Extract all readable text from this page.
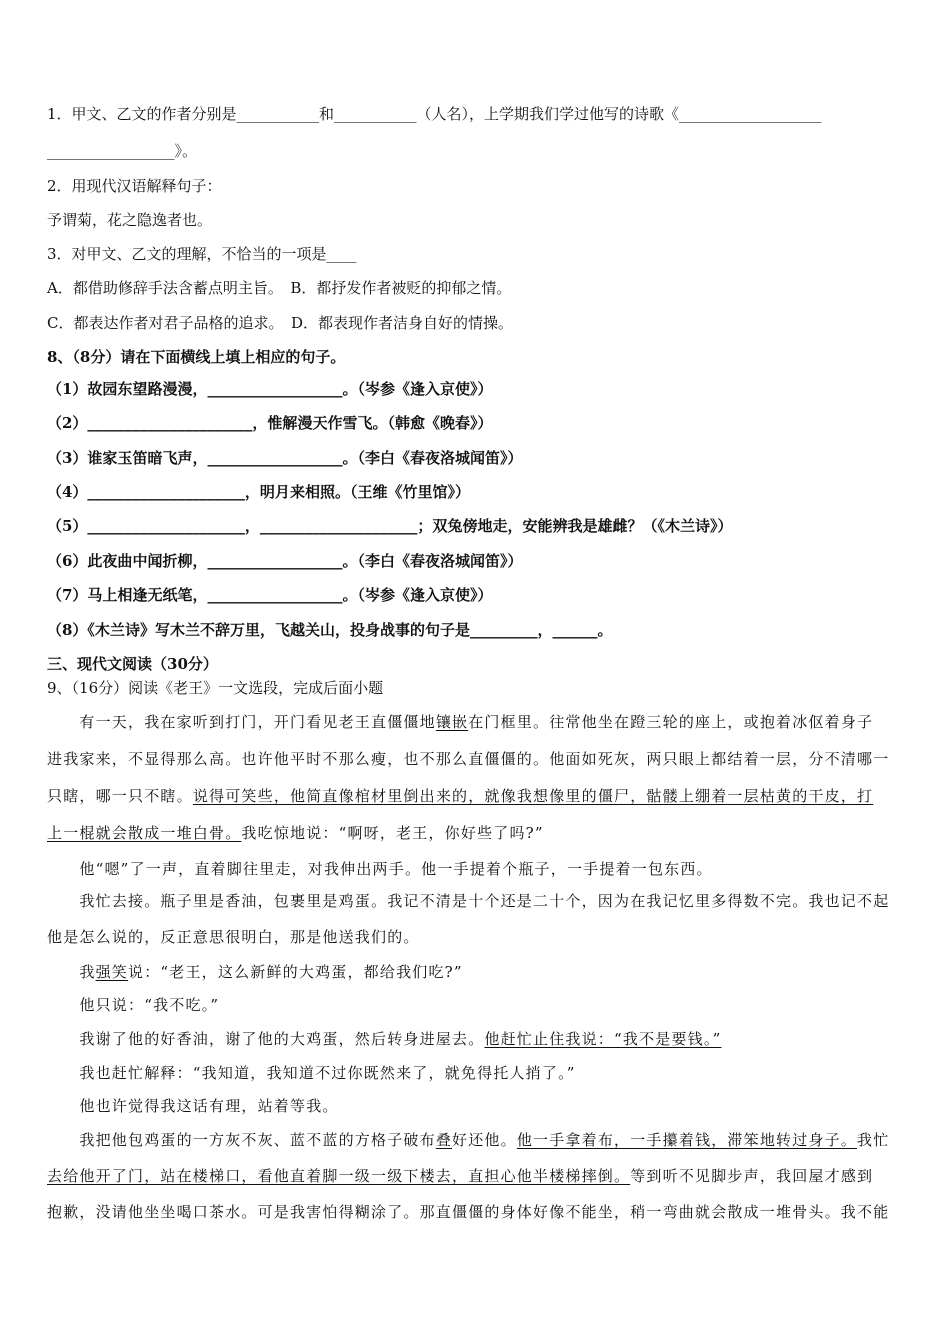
1．甲文、乙文的作者分别是___________和___________（人名），上学期我们学过他写的诗歌《___________________
_________________》。
2．用现代汉语解释句子：
予谓菊，花之隐逸者也。
3．对甲文、乙文的理解，不恰当的一项是____
A．都借助修辞手法含蓄点明主旨。　B．都抒发作者被贬的抑郁之情。
C．都表达作者对君子品格的追求。　D．都表现作者洁身自好的情操。
8、（8分）请在下面横线上填上相应的句子。
（1）故园东望路漫漫，__________________。（岑参《逢入京使》）
（2）______________________，惟解漫天作雪飞。（韩愈《晚春》）
（3）谁家玉笛暗飞声，__________________。（李白《春夜洛城闻笛》）
（4）_____________________，明月来相照。（王维《竹里馆》）
（5）_____________________，_____________________；双兔傍地走，安能辨我是雄雌？（《木兰诗》）
（6）此夜曲中闻折柳，__________________。（李白《春夜洛城闻笛》）
（7）马上相逢无纸笔，__________________。（岑参《逢入京使》）
（8）《木兰诗》写木兰不辞万里，飞越关山，投身战事的句子是_________，______。
三、现代文阅读（30分）
9、（16分）阅读《老王》一文选段，完成后面小题
　　有一天，我在家听到打门，开门看见老王直僵僵地镶嵌在门框里。往常他坐在蹬三轮的座上，或抱着冰伛着身子
进我家来，不显得那么高。也许他平时不那么瘦，也不那么直僵僵的。他面如死灰，两只眼上都结着一层，分不清哪一
只瞎，哪一只不瞎。说得可笑些，他简直像棺材里倒出来的，就像我想像里的僵尸，骷髅上绷着一层枯黄的干皮，打
上一棍就会散成一堆白骨。我吃惊地说：“啊呀，老王，你好些了吗?”
　　他“嗯”了一声，直着脚往里走，对我伸出两手。他一手提着个瓶子，一手提着一包东西。
　　我忙去接。瓶子里是香油，包裹里是鸡蛋。我记不清是十个还是二十个，因为在我记忆里多得数不完。我也记不起
他是怎么说的，反正意思很明白，那是他送我们的。
　　我强笑说：“老王，这么新鲜的大鸡蛋，都给我们吃?”
　　他只说：“我不吃。”
　　我谢了他的好香油，谢了他的大鸡蛋，然后转身进屋去。他赶忙止住我说：“我不是要钱。”
　　我也赶忙解释：“我知道，我知道不过你既然来了，就免得托人捎了。”
　　他也许觉得我这话有理，站着等我。
　　我把他包鸡蛋的一方灰不灰、蓝不蓝的方格子破布叠好还他。他一手拿着布，一手攥着钱，滞笨地转过身子。我忙
去给他开了门，站在楼梯口，看他直着脚一级一级下楼去，直担心他半楼梯摔倒。等到听不见脚步声，我回屋才感到
抱歉，没请他坐坐喝口茶水。可是我害怕得糊涂了。那直僵僵的身体好像不能坐，稍一弯曲就会散成一堆骨头。我不能
